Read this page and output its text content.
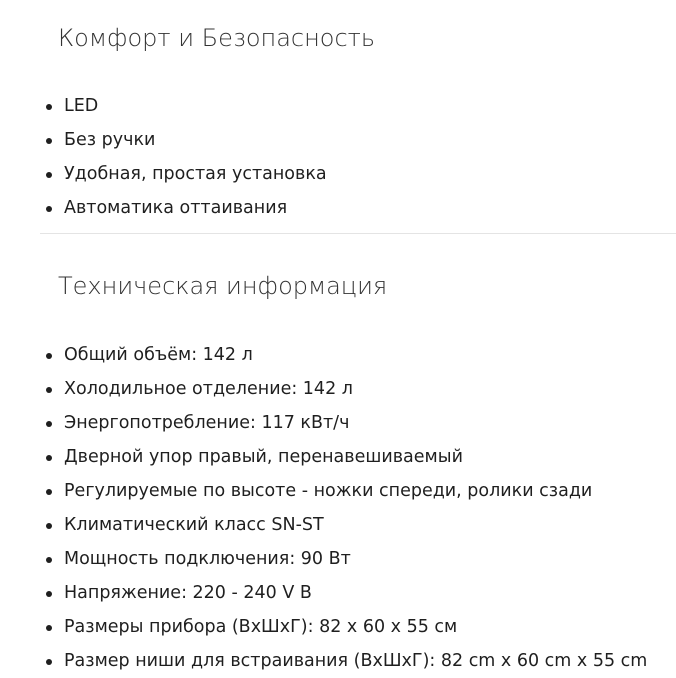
Комфорт и Безопасность
LED
Без ручки
Удобная, простая установка
Автоматика оттаивания
Техническая информация
Общий объём: 142 л
Холодильное отделение: 142 л
Энергопотребление: 117 кВт/ч
Дверной упор правый, перенавешиваемый
Регулируемые по высоте - ножки спереди, ролики сзади
Климатический класс SN-ST
Мощность подключения: 90 Вт
Напряжение: 220 - 240 V В
Размеры прибора (ВхШхГ): 82 x 60 x 55 см
Размер ниши для встраивания (ВхШхГ): 82 cm x 60 cm x 55 cm
